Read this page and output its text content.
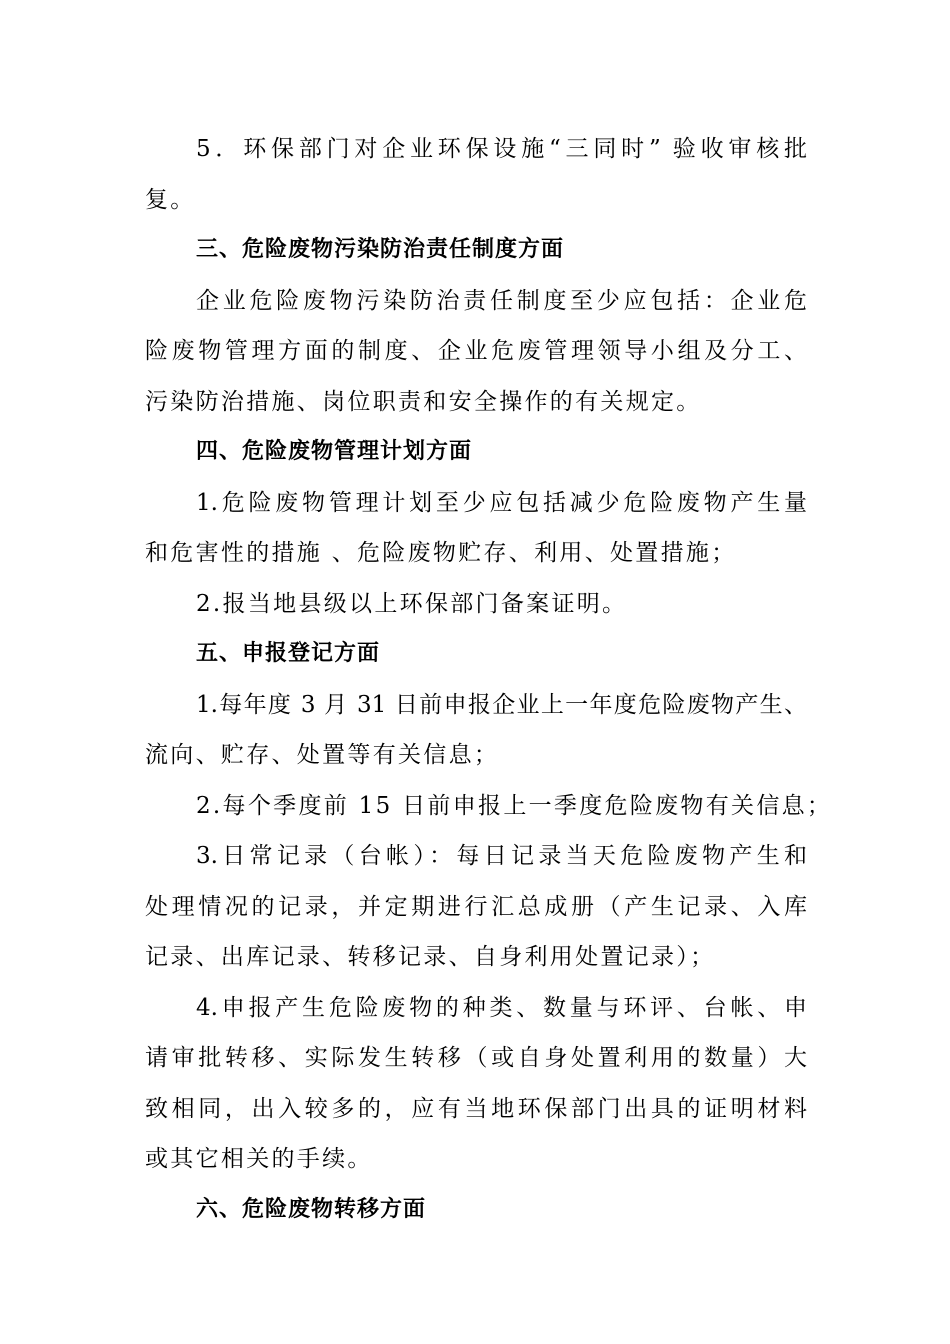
5．环保部门对企业环保设施“三同时” 验收审核批
复。
三、危险废物污染防治责任制度方面
企业危险废物污染防治责任制度至少应包括：企业危
险废物管理方面的制度、企业危废管理领导小组及分工、
污染防治措施、岗位职责和安全操作的有关规定。
四、危险废物管理计划方面
1.危险废物管理计划至少应包括减少危险废物产生量
和危害性的措施 、危险废物贮存、利用、处置措施；
2.报当地县级以上环保部门备案证明。
五、申报登记方面
1.每年度 3 月 31 日前申报企业上一年度危险废物产生、
流向、贮存、处置等有关信息；
2.每个季度前 15 日前申报上一季度危险废物有关信息；
3.日常记录（台帐）：每日记录当天危险废物产生和
处理情况的记录，并定期进行汇总成册（产生记录、入库
记录、出库记录、转移记录、自身利用处置记录）；
4.申报产生危险废物的种类、数量与环评、台帐、申
请审批转移、实际发生转移（或自身处置利用的数量）大
致相同，出入较多的，应有当地环保部门出具的证明材料
或其它相关的手续。
六、危险废物转移方面
